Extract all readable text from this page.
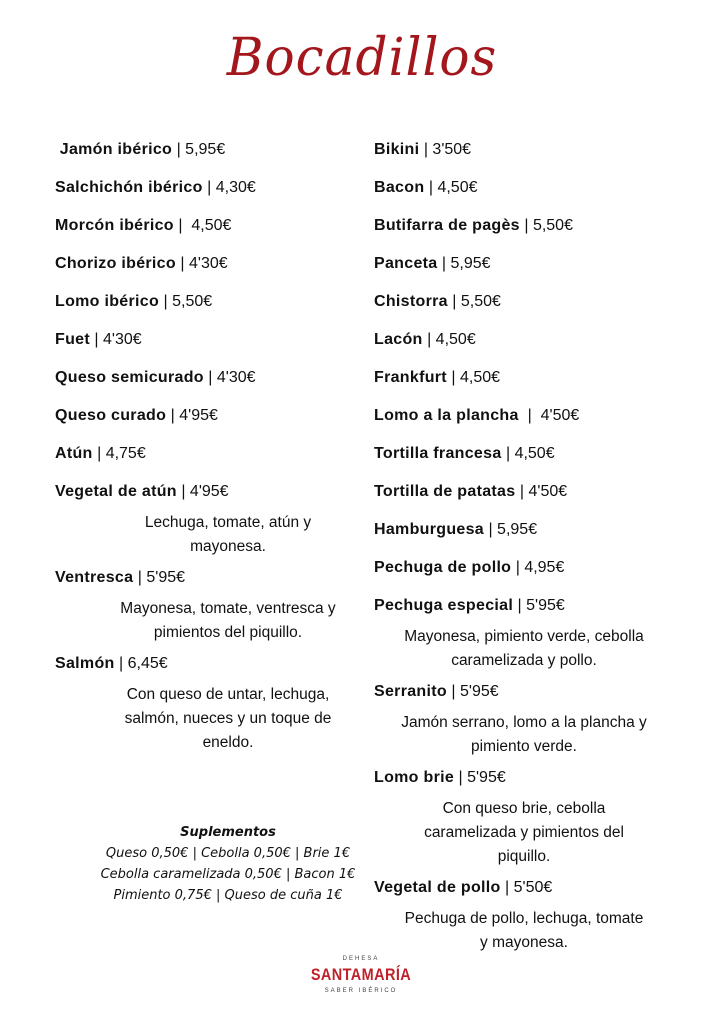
Bocadillos
Jamón ibérico | 5,95€
Salchichón ibérico | 4,30€
Morcón ibérico |  4,50€
Chorizo ibérico | 4'30€
Lomo ibérico | 5,50€
Fuet | 4'30€
Queso semicurado | 4'30€
Queso curado | 4'95€
Atún | 4,75€
Vegetal de atún | 4'95€
Lechuga, tomate, atún y
mayonesa.
Ventresca | 5'95€
Mayonesa, tomate, ventresca y
pimientos del piquillo.
Salmón | 6,45€
Con queso de untar, lechuga,
salmón, nueces y un toque de
eneldo.
Bikini | 3'50€
Bacon | 4,50€
Butifarra de pagès | 5,50€
Panceta | 5,95€
Chistorra | 5,50€
Lacón | 4,50€
Frankfurt | 4,50€
Lomo a la plancha  |  4'50€
Tortilla francesa | 4,50€
Tortilla de patatas | 4'50€
Hamburguesa | 5,95€
Pechuga de pollo | 4,95€
Pechuga especial | 5'95€
Mayonesa, pimiento verde, cebolla
caramelizada y pollo.
Serranito | 5'95€
Jamón serrano, lomo a la plancha y
pimiento verde.
Lomo brie | 5'95€
Con queso brie, cebolla
caramelizada y pimientos del
piquillo.
Vegetal de pollo | 5'50€
Pechuga de pollo, lechuga, tomate
y mayonesa.
Suplementos
Queso 0,50€ | Cebolla 0,50€ | Brie 1€
Cebolla caramelizada 0,50€ | Bacon 1€
Pimiento 0,75€ | Queso de cuña 1€
DEHESA
SANTAMARÍA
SABER IBÉRICO
